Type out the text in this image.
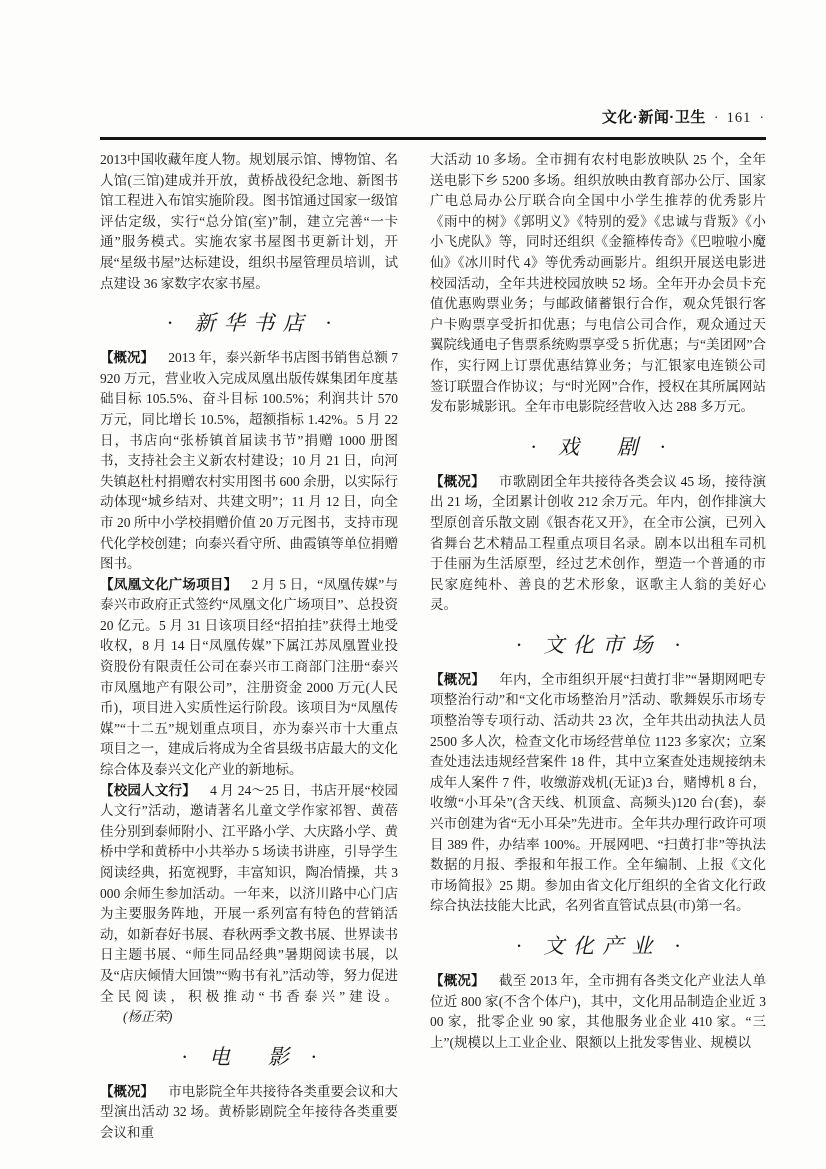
文化·新闻·卫生 · 161 ·

2013中国收藏年度人物。规划展示馆、博物馆、名人馆(三馆)建成并开放，黄桥战役纪念地、新图书馆工程进入布馆实施阶段。图书馆通过国家一级馆评估定级，实行“总分馆(室)”制，建立完善“一卡通”服务模式。实施农家书屋图书更新计划，开展“星级书屋”达标建设，组织书屋管理员培训，试点建设 36 家数字农家书屋。

· 新华书店 ·

【概况】 2013 年，泰兴新华书店图书销售总额 7920 万元，营业收入完成凤凰出版传媒集团年度基础目标 105.5%、奋斗目标 100.5%；利润共计 570 万元，同比增长 10.5%，超额指标 1.42%。5 月 22 日，书店向“张桥镇首届读书节”捐赠 1000 册图书，支持社会主义新农村建设；10 月 21 日，向河失镇赵杜村捐赠农村实用图书 600 余册，以实际行动体现“城乡结对、共建文明”；11 月 12 日，向全市 20 所中小学校捐赠价值 20 万元图书，支持市现代化学校创建；向泰兴看守所、曲霞镇等单位捐赠图书。

【凤凰文化广场项目】 2 月 5 日，“凤凰传媒”与泰兴市政府正式签约“凤凰文化广场项目”、总投资 20 亿元。5 月 31 日该项目经“招拍挂”获得土地受收权，8 月 14 日“凤凰传媒”下属江苏凤凰置业投资股份有限责任公司在泰兴市工商部门注册“泰兴市凤凰地产有限公司”，注册资金 2000 万元(人民币)，项目进入实质性运行阶段。该项目为“凤凰传媒”“十二五”规划重点项目，亦为泰兴市十大重点项目之一，建成后将成为全省县级书店最大的文化综合体及泰兴文化产业的新地标。

【校园人文行】 4 月 24～25 日，书店开展“校园人文行”活动，邀请著名儿童文学作家祁智、黄蓓佳分别到泰师附小、江平路小学、大庆路小学、黄桥中学和黄桥中小共举办 5 场读书讲座，引导学生阅读经典，拓宽视野，丰富知识，陶冶情操，共 3000 余师生参加活动。一年来，以济川路中心门店为主要服务阵地，开展一系列富有特色的营销活动，如新春好书展、春秋两季文教书展、世界读书日主题书展、“师生同品经典”暑期阅读书展，以及“店庆倾情大回馈”“购书有礼”活动等，努力促进全民阅读，积极推动“书香泰兴”建设。(杨正荣)

· 电　影 ·

【概况】 市电影院全年共接待各类重要会议和大型演出活动 32 场。黄桥影剧院全年接待各类重要会议和重

大活动 10 多场。全市拥有农村电影放映队 25 个，全年送电影下乡 5200 多场。组织放映由教育部办公厅、国家广电总局办公厅联合向全国中小学生推荐的优秀影片《雨中的树》《郭明义》《特别的爱》《忠诚与背叛》《小小飞虎队》等，同时还组织《金箍棒传奇》《巴啦啦小魔仙》《冰川时代 4》等优秀动画影片。组织开展送电影进校园活动，全年共进校园放映 52 场。全年开办会员卡充值优惠购票业务；与邮政储蓄银行合作，观众凭银行客户卡购票享受折扣优惠；与电信公司合作，观众通过天翼院线通电子售票系统购票享受 5 折优惠；与“美团网”合作，实行网上订票优惠结算业务；与汇银家电连锁公司签订联盟合作协议；与“时光网”合作，授权在其所属网站发布影城影讯。全年市电影院经营收入达 288 多万元。

· 戏　剧 ·

【概况】 市歌剧团全年共接待各类会议 45 场，接待演出 21 场，全团累计创收 212 余万元。年内，创作排演大型原创音乐散文剧《银杏花又开》，在全市公演，已列入省舞台艺术精品工程重点项目名录。剧本以出租车司机于佳丽为生活原型，经过艺术创作，塑造一个普通的市民家庭纯朴、善良的艺术形象，讴歌主人翁的美好心灵。

· 文化市场 ·

【概况】 年内，全市组织开展“扫黄打非”“暑期网吧专项整治行动”和“文化市场整治月”活动、歌舞娱乐市场专项整治等专项行动、活动共 23 次，全年共出动执法人员 2500 多人次，检查文化市场经营单位 1123 多家次；立案查处违法违规经营案件 18 件，其中立案查处违规接纳未成年人案件 7 件，收缴游戏机(无证)3 台，赌博机 8 台，收缴“小耳朵”(含天线、机顶盒、高频头)120 台(套)，泰兴市创建为省“无小耳朵”先进市。全年共办理行政许可项目 389 件，办结率 100%。开展网吧、“扫黄打非”等执法数据的月报、季报和年报工作。全年编制、上报《文化市场简报》25 期。参加由省文化厅组织的全省文化行政综合执法技能大比武，名列省直管试点县(市)第一名。

· 文化产业 ·

【概况】 截至 2013 年，全市拥有各类文化产业法人单位近 800 家(不含个体户)，其中，文化用品制造企业近 300 家，批零企业 90 家，其他服务业企业 410 家。“三上”(规模以上工业企业、限额以上批发零售业、规模以
